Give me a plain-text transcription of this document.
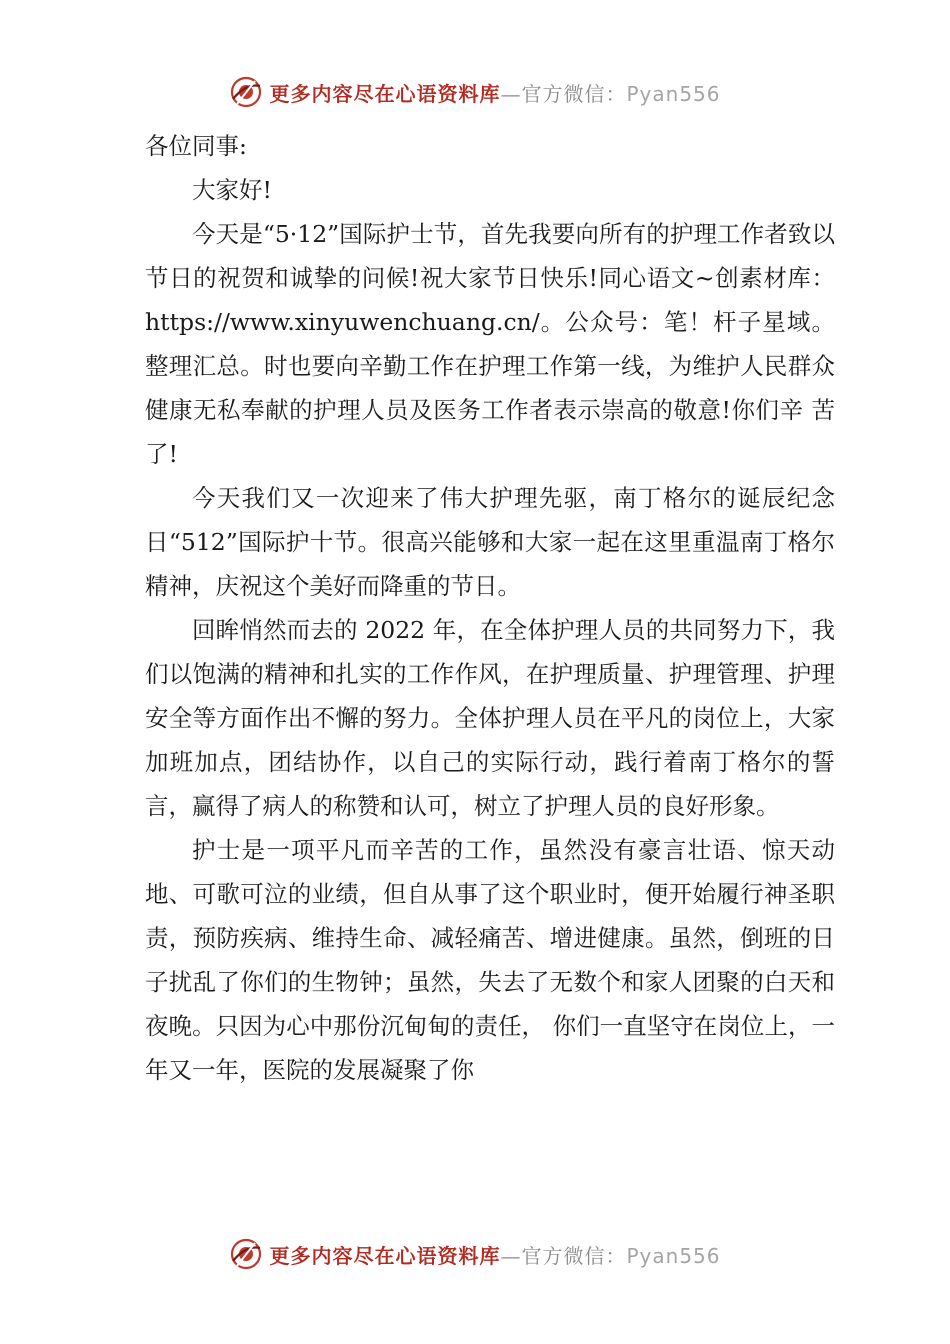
更多内容尽在心语资料库—官方微信：Pyan556

各位同事:

大家好!

今天是“5·12”国际护士节，首先我要向所有的护理工作者致以节日的祝贺和诚挚的问候!祝大家节日快乐!同心语文~创素材库：https://www.xinyuwenchuang.cn/。公众号：笔！杆子星域。整理汇总。时也要向辛勤工作在护理工作第一线，为维护人民群众健康无私奉献的护理人员及医务工作者表示崇高的敬意!你们辛 苦了!

今天我们又一次迎来了伟大护理先驱，南丁格尔的诞辰纪念日“512”国际护十节。很高兴能够和大家一起在这里重温南丁格尔精神，庆祝这个美好而降重的节日。

回眸悄然而去的 2022 年，在全体护理人员的共同努力下，我们以饱满的精神和扎实的工作作风，在护理质量、护理管理、护理安全等方面作出不懈的努力。全体护理人员在平凡的岗位上，大家加班加点，团结协作，以自己的实际行动，践行着南丁格尔的誓言，赢得了病人的称赞和认可，树立了护理人员的良好形象。

护士是一项平凡而辛苦的工作，虽然没有豪言壮语、惊天动地、可歌可泣的业绩，但自从事了这个职业时，便开始履行神圣职责，预防疾病、维持生命、减轻痛苦、增进健康。虽然，倒班的日子扰乱了你们的生物钟；虽然，失去了无数个和家人团聚的白天和夜晚。只因为心中那份沉甸甸的责任， 你们一直坚守在岗位上，一年又一年，医院的发展凝聚了你

更多内容尽在心语资料库—官方微信：Pyan556
